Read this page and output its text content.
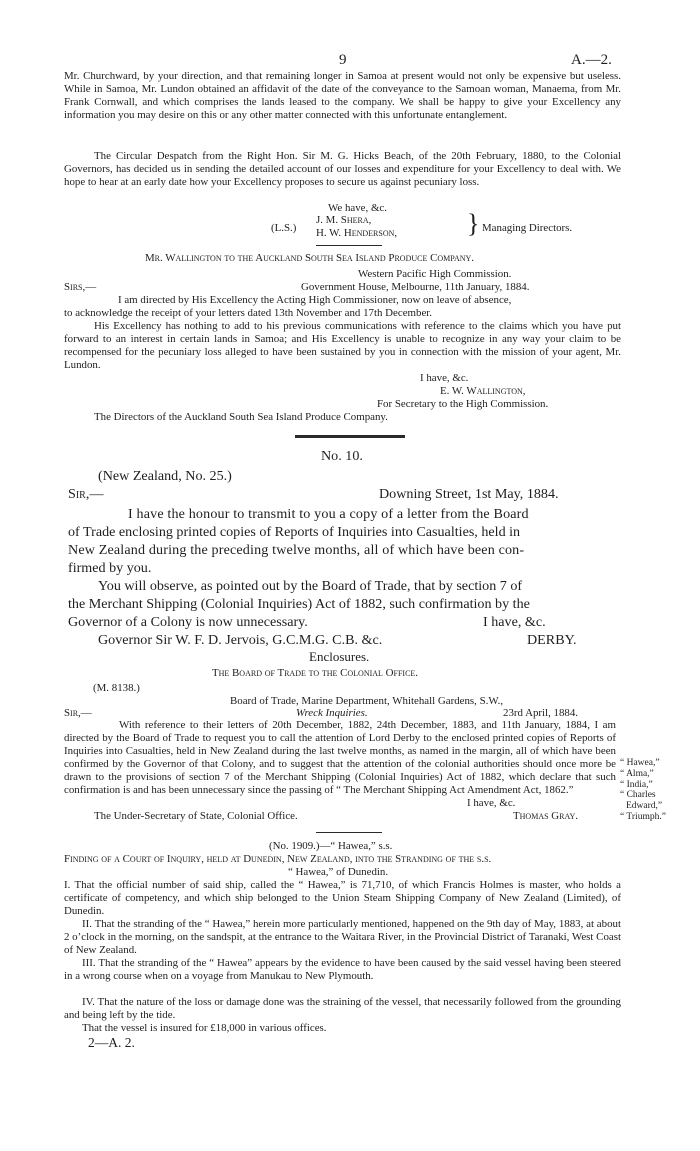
9	A.—2.
Mr. Churchward, by your direction, and that remaining longer in Samoa at present would not only be expensive but useless. While in Samoa, Mr. Lundon obtained an affidavit of the date of the conveyance to the Samoan woman, Manaema, from Mr. Frank Cornwall, and which comprises the lands leased to the company. We shall be happy to give your Excellency any information you may desire on this or any other matter connected with this unfortunate entanglement.
The Circular Despatch from the Right Hon. Sir M. G. Hicks Beach, of the 20th February, 1880, to the Colonial Governors, has decided us in sending the detailed account of our losses and expenditure for your Excellency to deal with. We hope to hear at an early date how your Excellency proposes to secure us against pecuniary loss.
We have, &c.
(L.S.)
J. M. Shera,
H. W. Henderson,	} Managing Directors.
Mr. Wallington to the Auckland South Sea Island Produce Company.
Western Pacific High Commission.
Sirs,—	Government House, Melbourne, 11th January, 1884.
I am directed by His Excellency the Acting High Commissioner, now on leave of absence,
to acknowledge the receipt of your letters dated 13th November and 17th December.
His Excellency has nothing to add to his previous communications with reference to the claims which you have put forward to an interest in certain lands in Samoa; and His Excellency is unable to recognize in any way your claim to be recompensed for the pecuniary loss alleged to have been sustained by you in connection with the mission of your agent, Mr. Lundon.
I have, &c.
E. W. Wallington,
For Secretary to the High Commission.
The Directors of the Auckland South Sea Island Produce Company.
No. 10.
(New Zealand, No. 25.)
Sir,—	Downing Street, 1st May, 1884.
I have the honour to transmit to you a copy of a letter from the Board
of Trade enclosing printed copies of Reports of Inquiries into Casualties, held in
New Zealand during the preceding twelve months, all of which have been con-
firmed by you.
You will observe, as pointed out by the Board of Trade, that by section 7 of
the Merchant Shipping (Colonial Inquiries) Act of 1882, such confirmation by the
Governor of a Colony is now unnecessary.	I have, &c.
Governor Sir W. F. D. Jervois, G.C.M.G. C.B. &c.	DERBY.
Enclosures.
The Board of Trade to the Colonial Office.
(M. 8138.)
Board of Trade, Marine Department, Whitehall Gardens, S.W.,
Sir,—	Wreck Inquiries.	23rd April, 1884.
With reference to their letters of 20th December, 1882, 24th December, 1883, and 11th January, 1884, I am directed by the Board of Trade to request you to call the attention of Lord Derby to the enclosed printed copies of Reports of Inquiries into Casualties, held in New Zealand during the last twelve months, as named in the margin, all of which have been confirmed by the Governor of that Colony, and to suggest that the attention of the colonial authorities should once more be drawn to the provisions of section 7 of the Merchant Shipping (Colonial Inquiries) Act of 1882, which declare that such confirmation is and has been unnecessary since the passing of “ The Merchant Shipping Act Amendment Act, 1862.”
I have, &c.
The Under-Secretary of State, Colonial Office.	Thomas Gray.
“ Hawea,”
“ Alma,”
“ India,”
“ Charles
Edward,”
“ Triumph.”
(No. 1909.)—“ Hawea,” s.s.
Finding of a Court of Inquiry, held at Dunedin, New Zealand, into the Stranding of the s.s.
“ Hawea,” of Dunedin.
I. That the official number of said ship, called the “ Hawea,” is 71,710, of which Francis Holmes is master, who holds a certificate of competency, and which ship belonged to the Union Steam Shipping Company of New Zealand (Limited), of Dunedin.
II. That the stranding of the “ Hawea,” herein more particularly mentioned, happened on the 9th day of May, 1883, at about 2 o’clock in the morning, on the sandspit, at the entrance to the Waitara River, in the Provincial District of Taranaki, West Coast of New Zealand.
III. That the stranding of the “ Hawea” appears by the evidence to have been caused by the said vessel having been steered in a wrong course when on a voyage from Manukau to New Plymouth.
IV. That the nature of the loss or damage done was the straining of the vessel, that necessarily followed from the grounding and being left by the tide.
That the vessel is insured for £18,000 in various offices.
2—A. 2.
